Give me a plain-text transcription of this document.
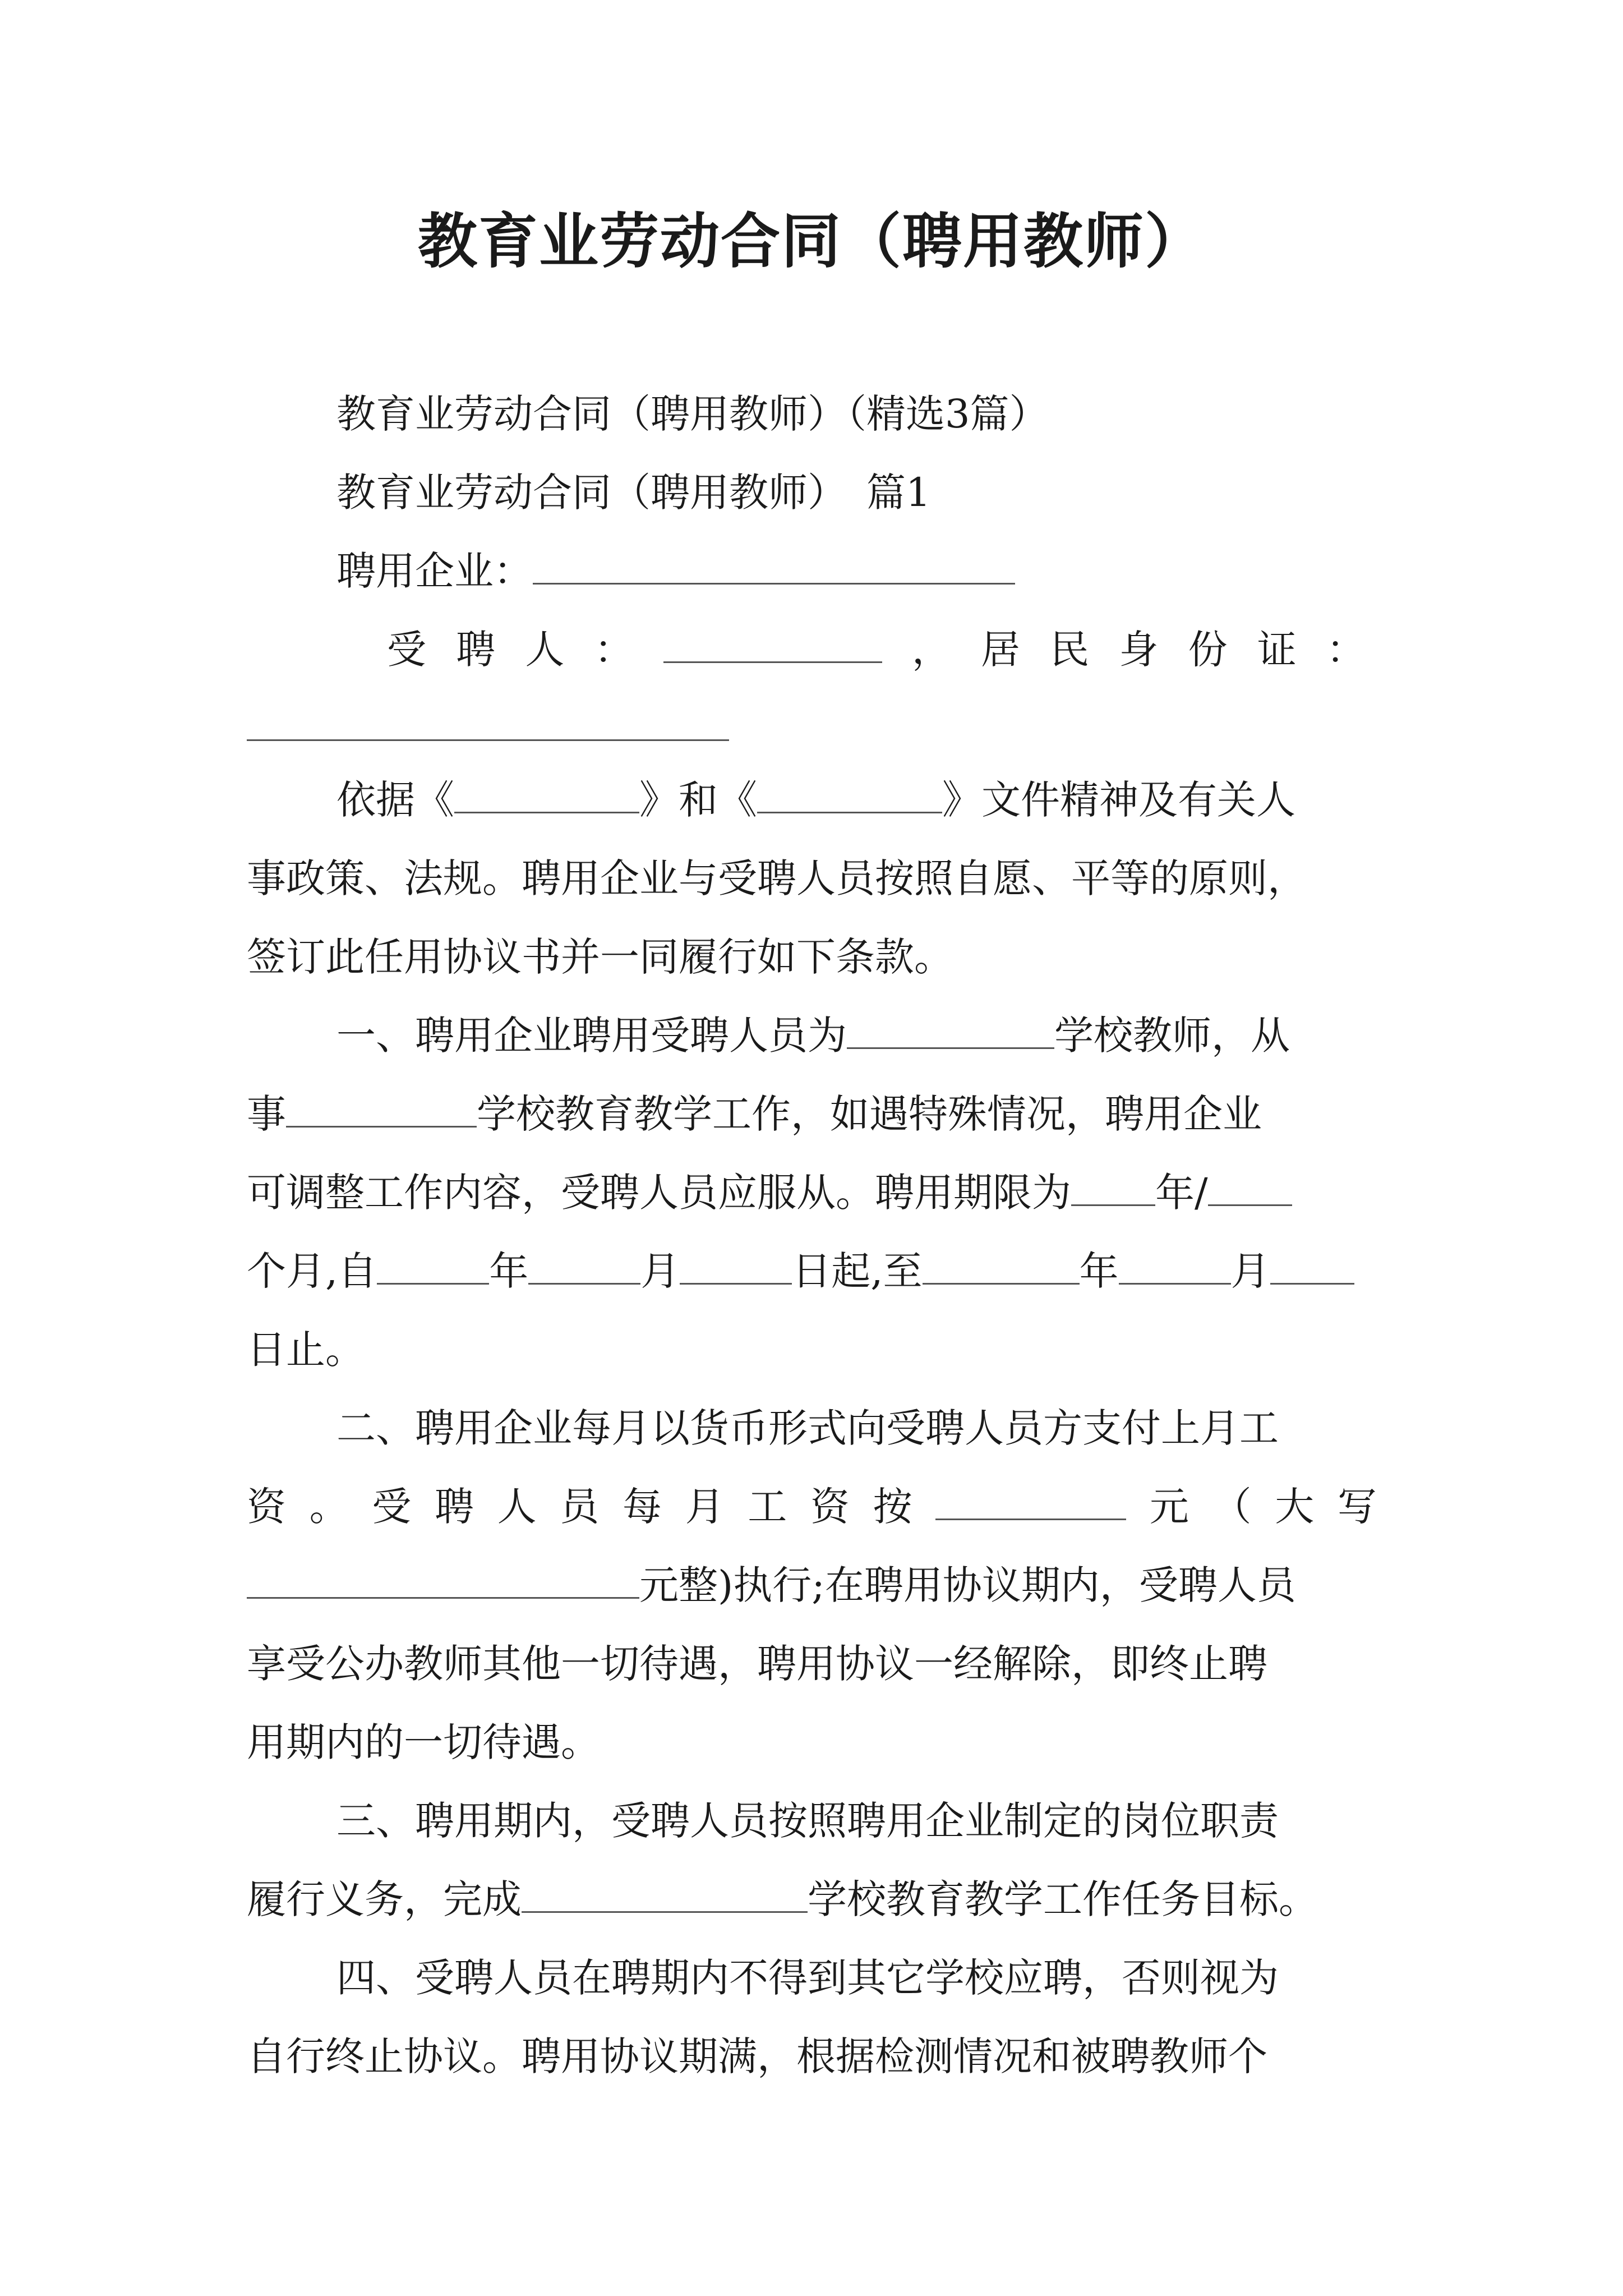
教育业劳动合同（聘用教师）
教育业劳动合同（聘用教师）（精选3篇）
教育业劳动合同（聘用教师）　篇1
聘用企业：
受 聘 人 ：	， 居 民 身 份 证 ：
依据《	》和《	》文件精神及有关人
事政策、法规。聘用企业与受聘人员按照自愿、平等的原则，
签订此任用协议书并一同履行如下条款。
一、聘用企业聘用受聘人员为	学校教师，从
事	学校教育教学工作，如遇特殊情况，聘用企业
可调整工作内容，受聘人员应服从。聘用期限为 年/
个月,自	年	月	日起,至	年	月
日止。
二、聘用企业每月以货币形式向受聘人员方支付上月工
资 。 受 聘 人 员 每 月 工 资 按	元 （ 大 写
元整)执行;在聘用协议期内，受聘人员
享受公办教师其他一切待遇，聘用协议一经解除，即终止聘
用期内的一切待遇。
三、聘用期内，受聘人员按照聘用企业制定的岗位职责
履行义务，完成	学校教育教学工作任务目标。
四、受聘人员在聘期内不得到其它学校应聘，否则视为
自行终止协议。聘用协议期满，根据检测情况和被聘教师个
